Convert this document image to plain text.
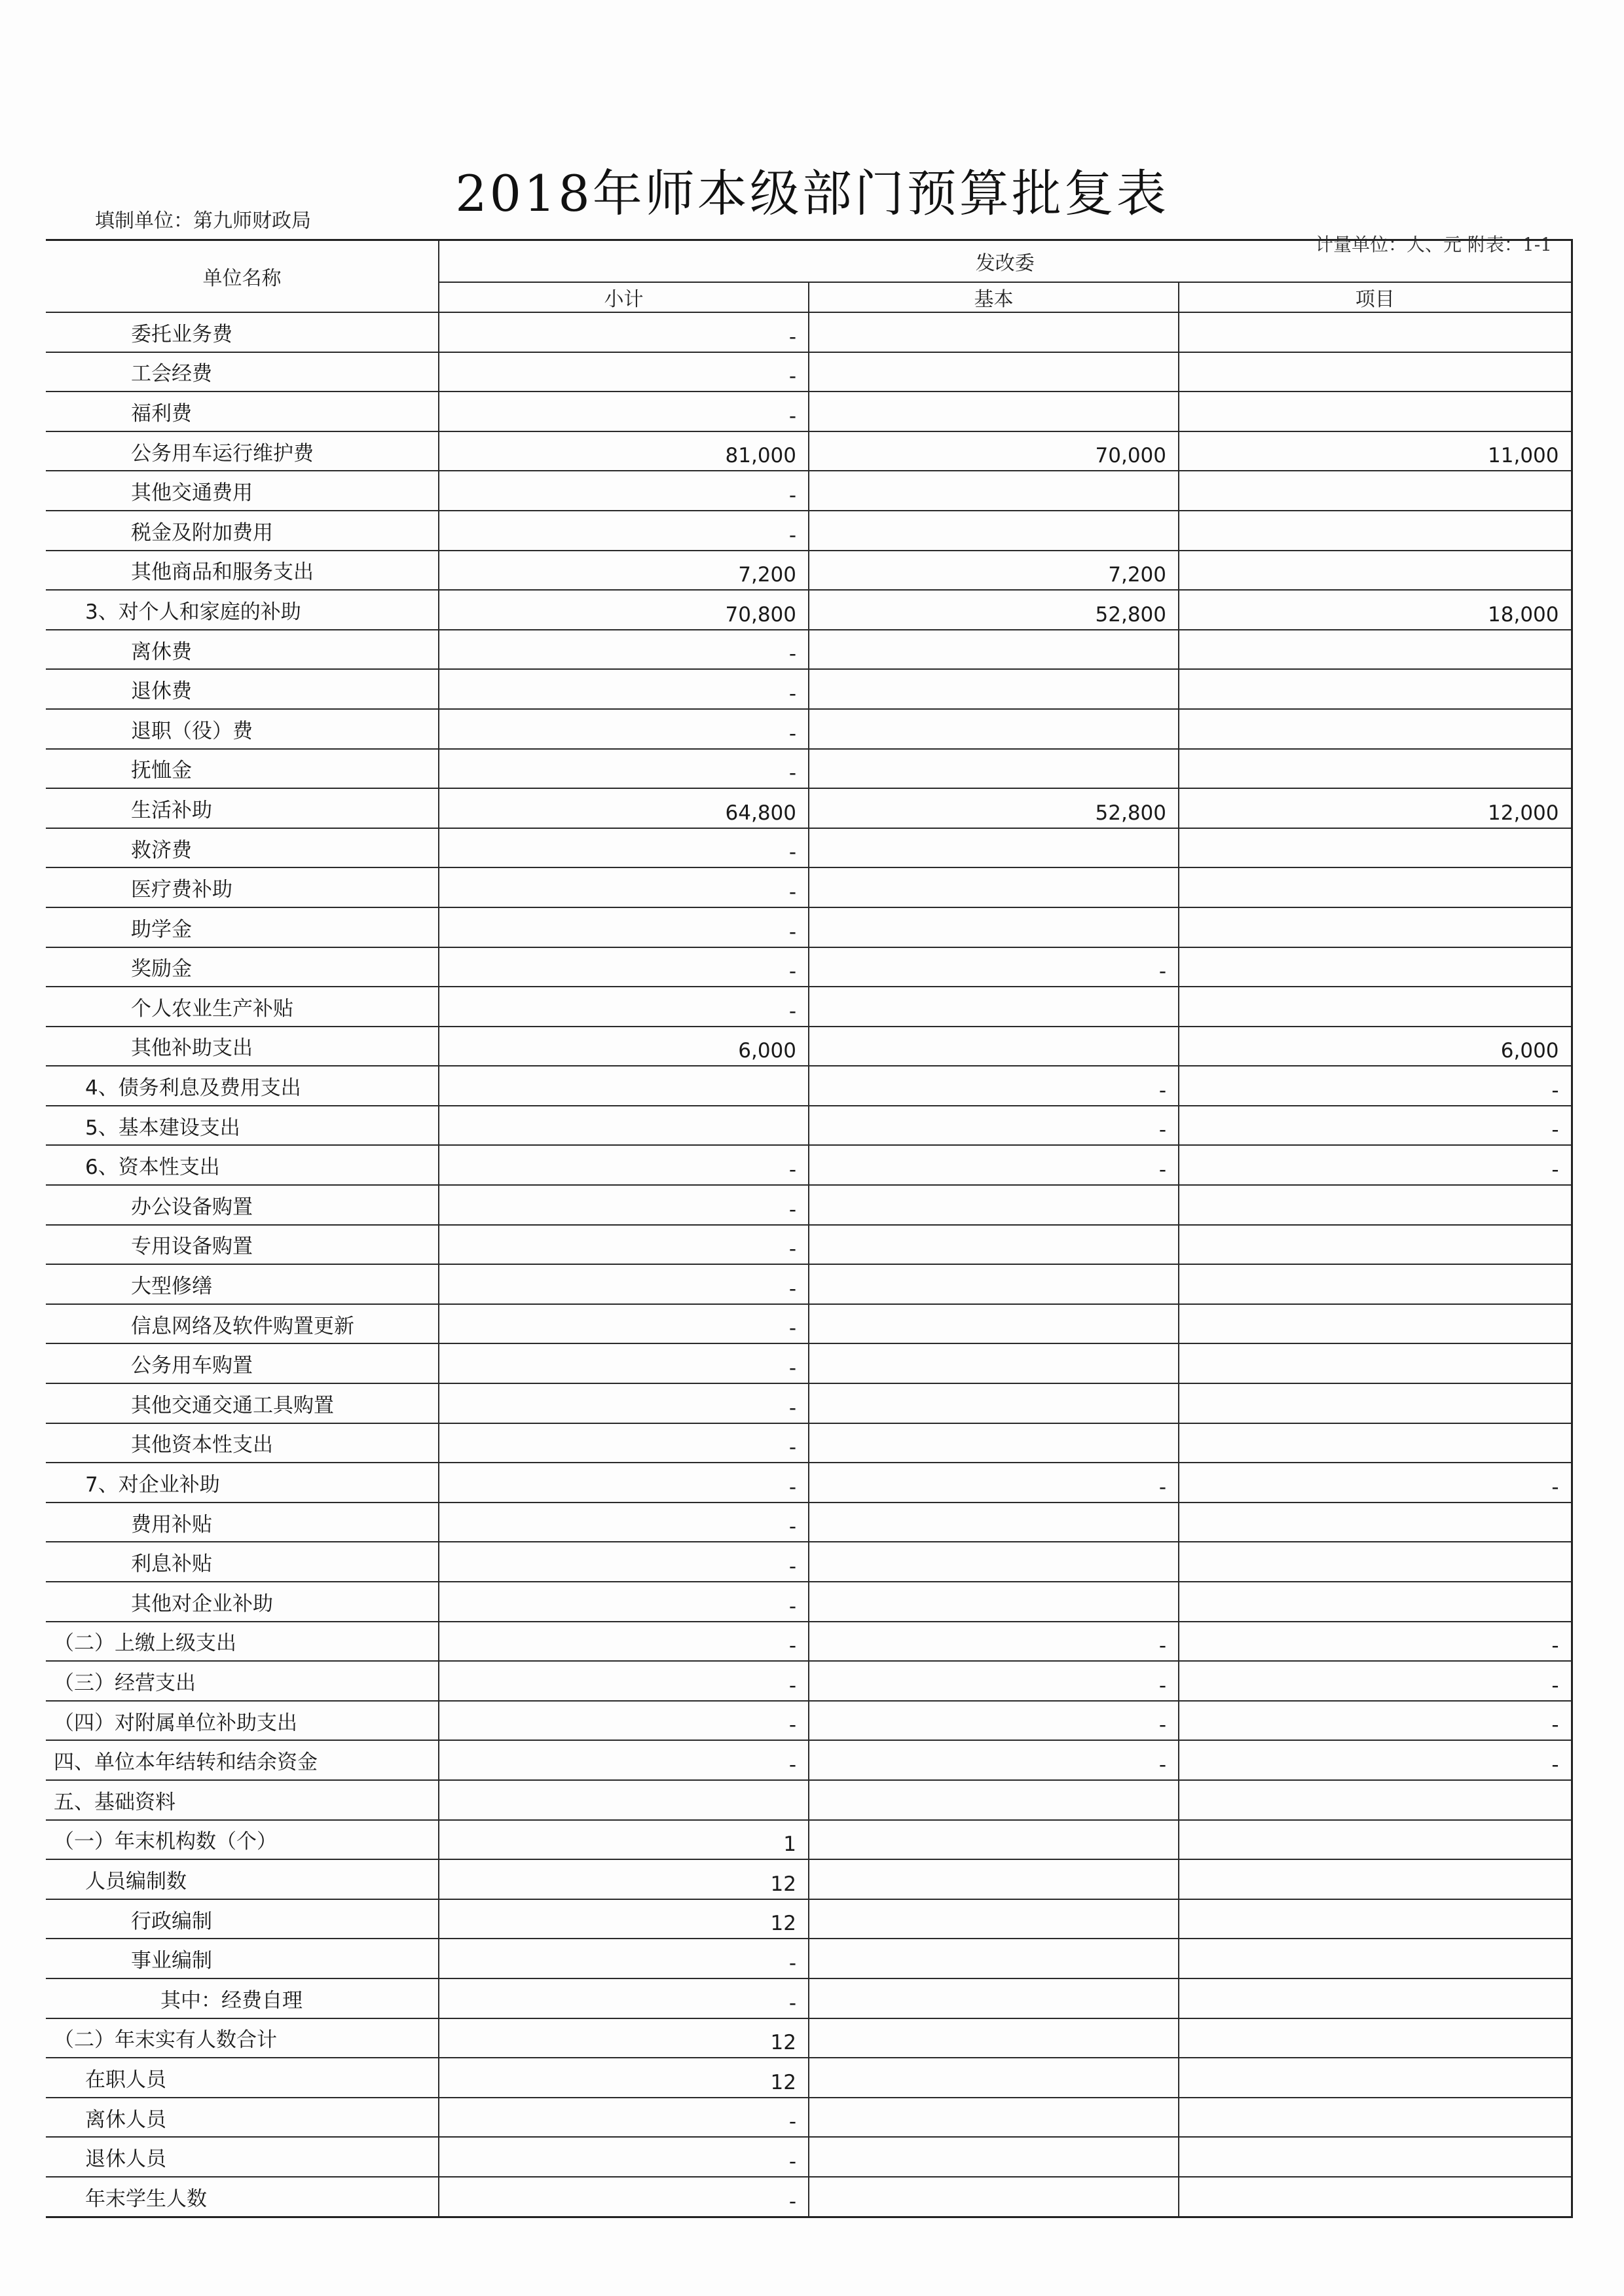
2018年师本级部门预算批复表
填制单位：第九师财政局
计量单位：人、元 附表：1-1
单位名称	发改委		
	小计	基本	项目
委托业务费	-		
工会经费	-		
福利费	-		
公务用车运行维护费	81,000	70,000	11,000
其他交通费用	-		
税金及附加费用	-		
其他商品和服务支出	7,200	7,200	
3、对个人和家庭的补助	70,800	52,800	18,000
离休费	-		
退休费	-		
退职（役）费	-		
抚恤金	-		
生活补助	64,800	52,800	12,000
救济费	-		
医疗费补助	-		
助学金	-		
奖励金	-	-	
个人农业生产补贴	-		
其他补助支出	6,000		6,000
4、债务利息及费用支出		-	-
5、基本建设支出		-	-
6、资本性支出	-	-	-
办公设备购置	-		
专用设备购置	-		
大型修缮	-		
信息网络及软件购置更新	-		
公务用车购置	-		
其他交通交通工具购置	-		
其他资本性支出	-		
7、对企业补助	-	-	-
费用补贴	-		
利息补贴	-		
其他对企业补助	-		
（二）上缴上级支出	-	-	-
（三）经营支出	-	-	-
（四）对附属单位补助支出	-	-	-
四、单位本年结转和结余资金	-	-	-
五、基础资料			
（一）年末机构数（个）	1		
人员编制数	12		
行政编制	12		
事业编制	-		
其中：经费自理	-		
（二）年末实有人数合计	12		
在职人员	12		
离休人员	-		
退休人员	-		
年末学生人数	-		
